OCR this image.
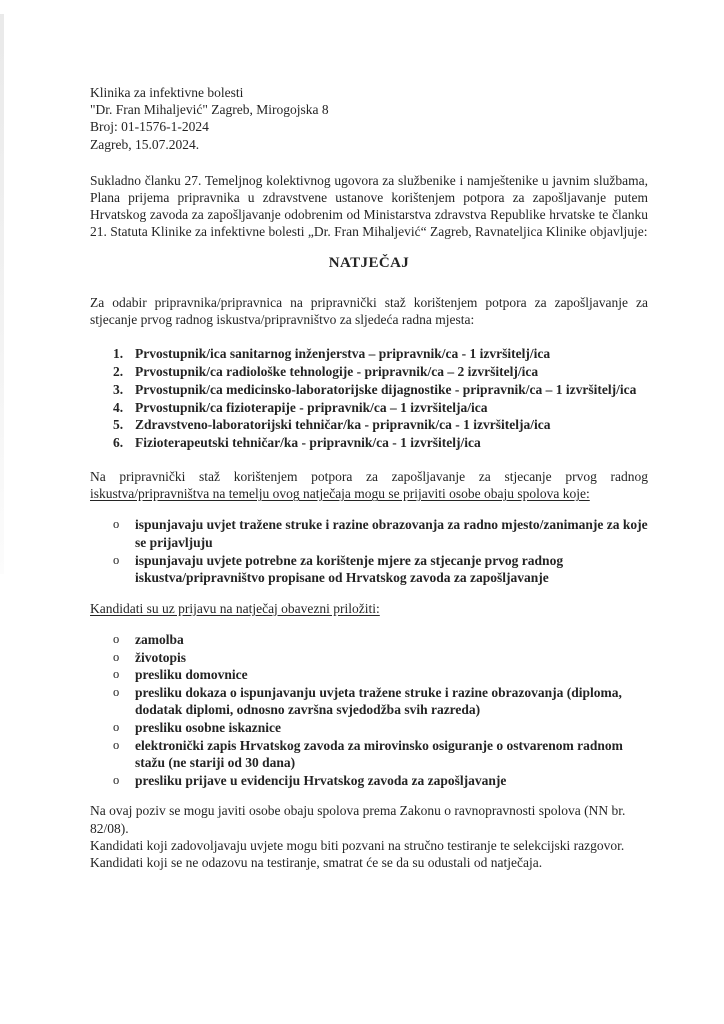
Klinika za infektivne bolesti

"Dr. Fran Mihaljević" Zagreb, Mirogojska 8

Broj: 01-1576-1-2024

Zagreb, 15.07.2024.

Sukladno članku 27. Temeljnog kolektivnog ugovora za službenike i namještenike u javnim službama, Plana prijema pripravnika u zdravstvene ustanove korištenjem potpora za zapošljavanje putem Hrvatskog zavoda za zapošljavanje odobrenim od Ministarstva zdravstva Republike hrvatske te članku 21. Statuta Klinike za infektivne bolesti „Dr. Fran Mihaljević“ Zagreb, Ravnateljica Klinike objavljuje:

NATJEČAJ

Za odabir pripravnika/pripravnica na pripravnički staž korištenjem potpora za zapošljavanje za stjecanje prvog radnog iskustva/pripravništvo za sljedeća radna mjesta:

1. Prvostupnik/ica sanitarnog inženjerstva – pripravnik/ca - 1 izvršitelj/ica
2. Prvostupnik/ca radiološke tehnologije - pripravnik/ca – 2 izvršitelj/ica
3. Prvostupnik/ca medicinsko-laboratorijske dijagnostike - pripravnik/ca – 1 izvršitelj/ica
4. Prvostupnik/ca fizioterapije - pripravnik/ca – 1 izvršitelja/ica
5. Zdravstveno-laboratorijski tehničar/ka - pripravnik/ca - 1 izvršitelja/ica
6. Fizioterapeutski tehničar/ka - pripravnik/ca - 1 izvršitelj/ica

Na pripravnički staž korištenjem potpora za zapošljavanje za stjecanje prvog radnog iskustva/pripravništva na temelju ovog natječaja mogu se prijaviti osobe obaju spolova koje:

o	ispunjavaju uvjet tražene struke i razine obrazovanja za radno mjesto/zanimanje za koje se prijavljuju
o	ispunjavaju uvjete potrebne za korištenje mjere za stjecanje prvog radnog iskustva/pripravništvo propisane od Hrvatskog zavoda za zapošljavanje

Kandidati su uz prijavu na natječaj obavezni priložiti:

o	zamolba
o	životopis
o	presliku domovnice
o	presliku dokaza o ispunjavanju uvjeta tražene struke i razine obrazovanja (diploma, dodatak diplomi, odnosno završna svjedodžba svih razreda)
o	presliku osobne iskaznice
o	elektronički zapis Hrvatskog zavoda za mirovinsko osiguranje o ostvarenom radnom stažu (ne stariji od 30 dana)
o	presliku prijave u evidenciju Hrvatskog zavoda za zapošljavanje

Na ovaj poziv se mogu javiti osobe obaju spolova prema Zakonu o ravnopravnosti spolova (NN br. 82/08).

Kandidati koji zadovoljavaju uvjete mogu biti pozvani na stručno testiranje te selekcijski razgovor.

Kandidati koji se ne odazovu na testiranje, smatrat će se da su odustali od natječaja.
